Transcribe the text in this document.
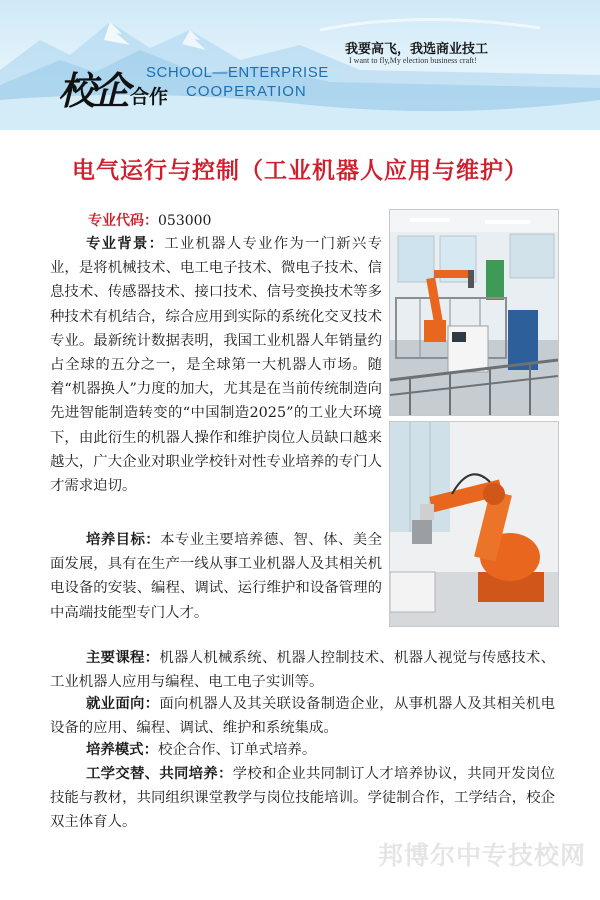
校企 SCHOOL—ENTERPRISE
合作 COOPERATION
我要高飞，我选商业技工
I want to fly,My election business craft!
电气运行与控制（工业机器人应用与维护）
专业代码：053000
专业背景：工业机器人专业作为一门新兴专业，是将机械技术、电工电子技术、微电子技术、信息技术、传感器技术、接口技术、信号变换技术等多种技术有机结合，综合应用到实际的系统化交叉技术专业。最新统计数据表明，我国工业机器人年销量约占全球的五分之一，是全球第一大机器人市场。随着“机器换人”力度的加大，尤其是在当前传统制造向先进智能制造转变的“中国制造2025”的工业大环境下，由此衍生的机器人操作和维护岗位人员缺口越来越大，广大企业对职业学校针对性专业培养的专门人才需求迫切。
培养目标：本专业主要培养德、智、体、美全面发展，具有在生产一线从事工业机器人及其相关机电设备的安装、编程、调试、运行维护和设备管理的中高端技能型专门人才。
主要课程：机器人机械系统、机器人控制技术、机器人视觉与传感技术、工业机器人应用与编程、电工电子实训等。
就业面向：面向机器人及其关联设备制造企业，从事机器人及其相关机电设备的应用、编程、调试、维护和系统集成。
培养模式：校企合作、订单式培养。
工学交替、共同培养：学校和企业共同制订人才培养协议，共同开发岗位技能与教材，共同组织课堂教学与岗位技能培训。学徒制合作，工学结合，校企双主体育人。
邦博尔中专技校网
